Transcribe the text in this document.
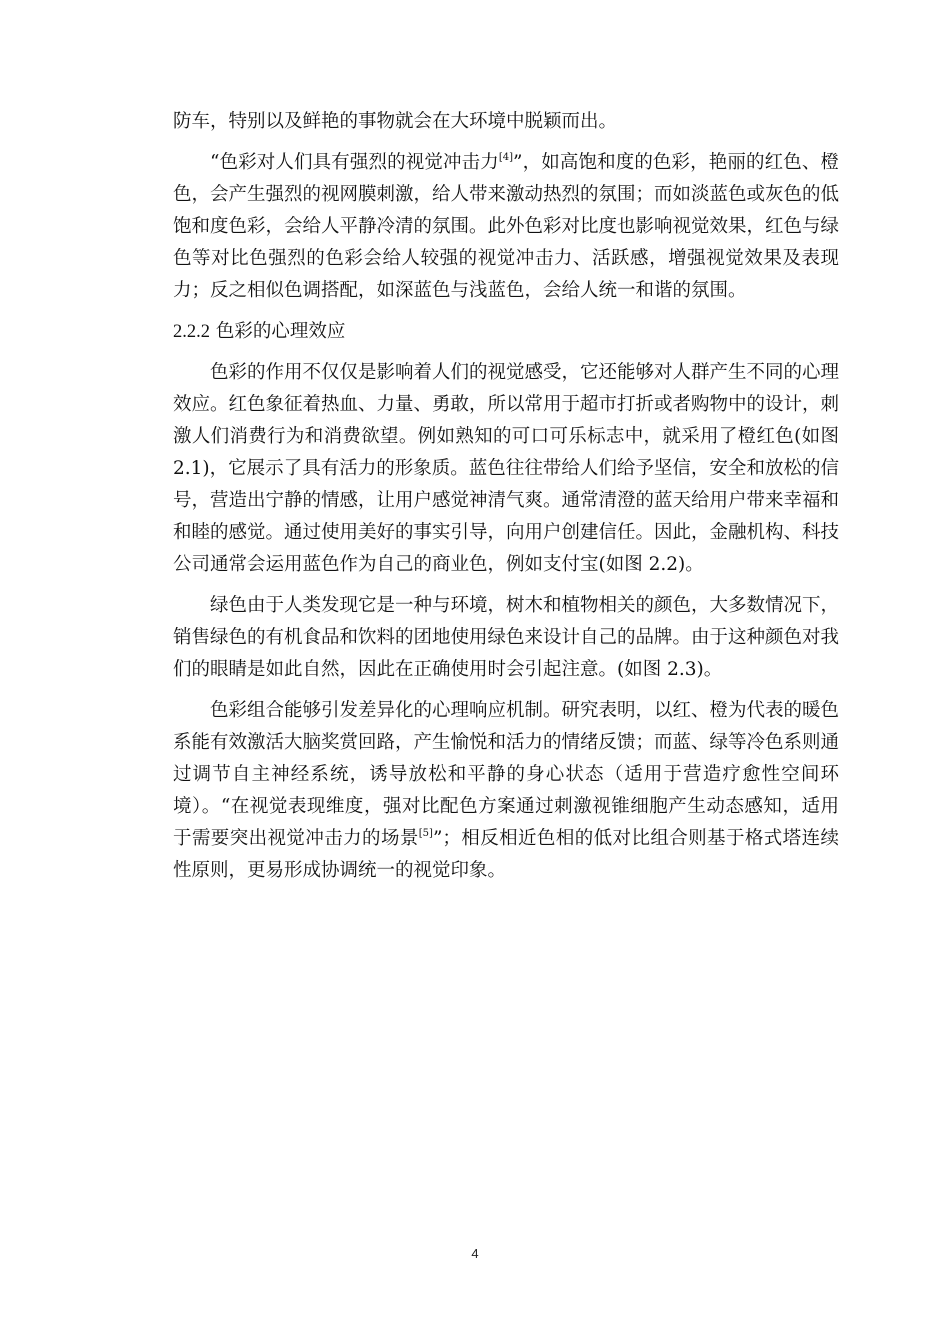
防车，特别以及鲜艳的事物就会在大环境中脱颖而出。

“色彩对人们具有强烈的视觉冲击力[4]”，如高饱和度的色彩，艳丽的红色、橙色，会产生强烈的视网膜刺激，给人带来激动热烈的氛围；而如淡蓝色或灰色的低饱和度色彩，会给人平静冷清的氛围。此外色彩对比度也影响视觉效果，红色与绿色等对比色强烈的色彩会给人较强的视觉冲击力、活跃感，增强视觉效果及表现力；反之相似色调搭配，如深蓝色与浅蓝色，会给人统一和谐的氛围。

2.2.2 色彩的心理效应

色彩的作用不仅仅是影响着人们的视觉感受，它还能够对人群产生不同的心理效应。红色象征着热血、力量、勇敢，所以常用于超市打折或者购物中的设计，刺激人们消费行为和消费欲望。例如熟知的可口可乐标志中，就采用了橙红色(如图 2.1)，它展示了具有活力的形象质。蓝色往往带给人们给予坚信，安全和放松的信号，营造出宁静的情感，让用户感觉神清气爽。通常清澄的蓝天给用户带来幸福和和睦的感觉。通过使用美好的事实引导，向用户创建信任。因此，金融机构、科技公司通常会运用蓝色作为自己的商业色，例如支付宝(如图 2.2)。

绿色由于人类发现它是一种与环境，树木和植物相关的颜色，大多数情况下，销售绿色的有机食品和饮料的团地使用绿色来设计自己的品牌。由于这种颜色对我们的眼睛是如此自然，因此在正确使用时会引起注意。(如图 2.3)。

色彩组合能够引发差异化的心理响应机制。研究表明，以红、橙为代表的暖色系能有效激活大脑奖赏回路，产生愉悦和活力的情绪反馈；而蓝、绿等冷色系则通过调节自主神经系统，诱导放松和平静的身心状态（适用于营造疗愈性空间环境）。“在视觉表现维度，强对比配色方案通过刺激视锥细胞产生动态感知，适用于需要突出视觉冲击力的场景[5]”；相反相近色相的低对比组合则基于格式塔连续性原则，更易形成协调统一的视觉印象。

4
